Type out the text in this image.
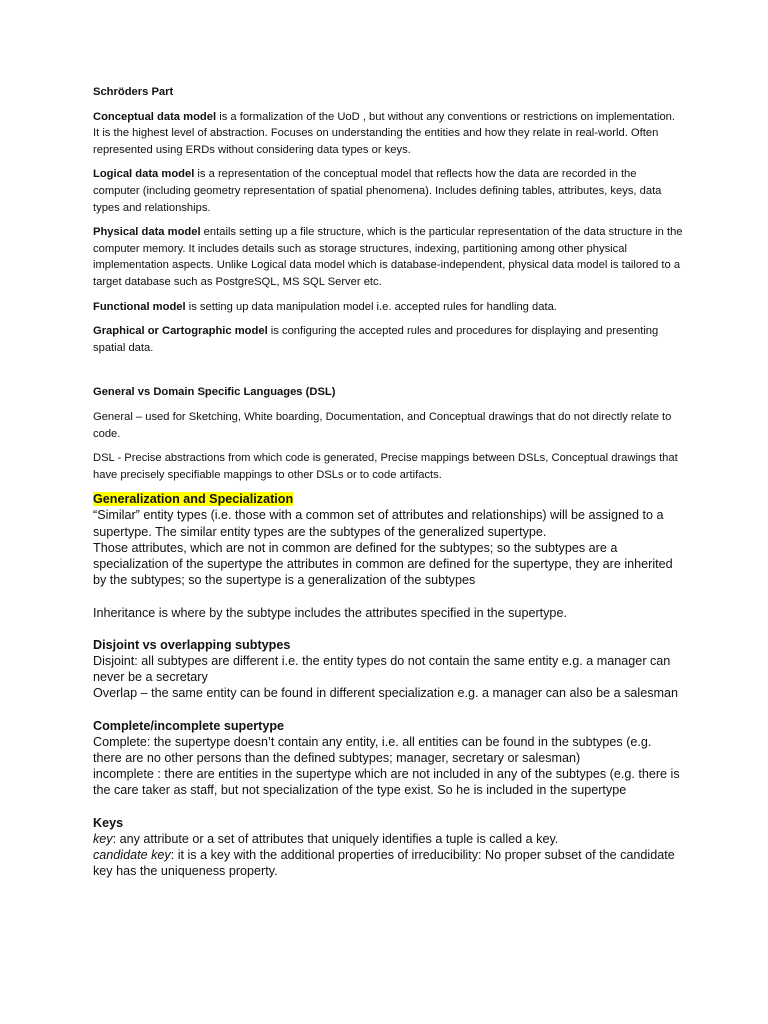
Schröders Part

Conceptual data model is a formalization of the UoD , but without any conventions or restrictions on implementation. It is the highest level of abstraction. Focuses on understanding the entities and how they relate in real-world. Often represented using ERDs without considering data types or keys.

Logical data model is a representation of the conceptual model that reflects how the data are recorded in the computer (including geometry representation of spatial phenomena). Includes defining tables, attributes, keys, data types and relationships.

Physical data model entails setting up a file structure, which is the particular representation of the data structure in the computer memory. It includes details such as storage structures, indexing, partitioning among other physical implementation aspects. Unlike Logical data model which is database-independent, physical data model is tailored to a target database such as PostgreSQL, MS SQL Server etc.

Functional model is setting up data manipulation model i.e. accepted rules for handling data.

Graphical or Cartographic model is configuring the accepted rules and procedures for displaying and presenting spatial data.

General vs Domain Specific Languages (DSL)

General – used for Sketching, White boarding, Documentation, and Conceptual drawings that do not directly relate to code.

DSL - Precise abstractions from which code is generated, Precise mappings between DSLs, Conceptual drawings that have precisely specifiable mappings to other DSLs or to code artifacts.

Generalization and Specialization

“Similar” entity types (i.e. those with a common set of attributes and relationships) will be assigned to a supertype. The similar entity types are the subtypes of the generalized supertype.

Those attributes, which are not in common are defined for the subtypes; so the subtypes are a specialization of the supertype the attributes in common are defined for the supertype, they are inherited by the subtypes; so the supertype is a generalization of the subtypes

Inheritance is where by the subtype includes the attributes specified in the supertype.

Disjoint vs overlapping subtypes

Disjoint: all subtypes are different i.e. the entity types do not contain the same entity e.g. a manager can never be a secretary

Overlap – the same entity can be found in different specialization e.g. a manager can also be a salesman

Complete/incomplete supertype

Complete: the supertype doesn’t contain any entity, i.e. all entities can be found in the subtypes (e.g. there are no other persons than the defined subtypes; manager, secretary or salesman)

incomplete : there are entities in the supertype which are not included in any of the subtypes (e.g. there is the care taker as staff, but not specialization of the type exist. So he is included in the supertype

Keys

key: any attribute or a set of attributes that uniquely identifies a tuple is called a key.

candidate key: it is a key with the additional properties of irreducibility: No proper subset of the candidate key has the uniqueness property.
